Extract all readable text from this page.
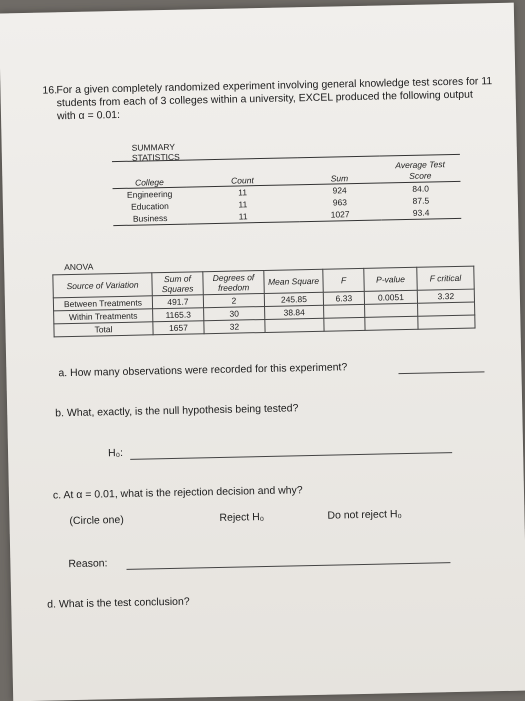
16. For a given completely randomized experiment involving general knowledge test scores for 11 students from each of 3 colleges within a university, EXCEL produced the following output with α = 0.01:
SUMMARY
STATISTICS

College	Count	Sum	Average Test Score
Engineering	11	924	84.0
Education	11	963	87.5
Business	11	1027	93.4
ANOVA
Source of Variation	Sum of Squares	Degrees of freedom	Mean Square	F	P-value	F critical
Between Treatments	491.7	2	245.85	6.33	0.0051	3.32
Within Treatments	1165.3	30	38.84			
Total	1657	32				
a. How many observations were recorded for this experiment?
b. What, exactly, is the null hypothesis being tested?
H₀:
c. At α = 0.01, what is the rejection decision and why?
(Circle one)	Reject H₀	Do not reject H₀
Reason:
d. What is the test conclusion?
